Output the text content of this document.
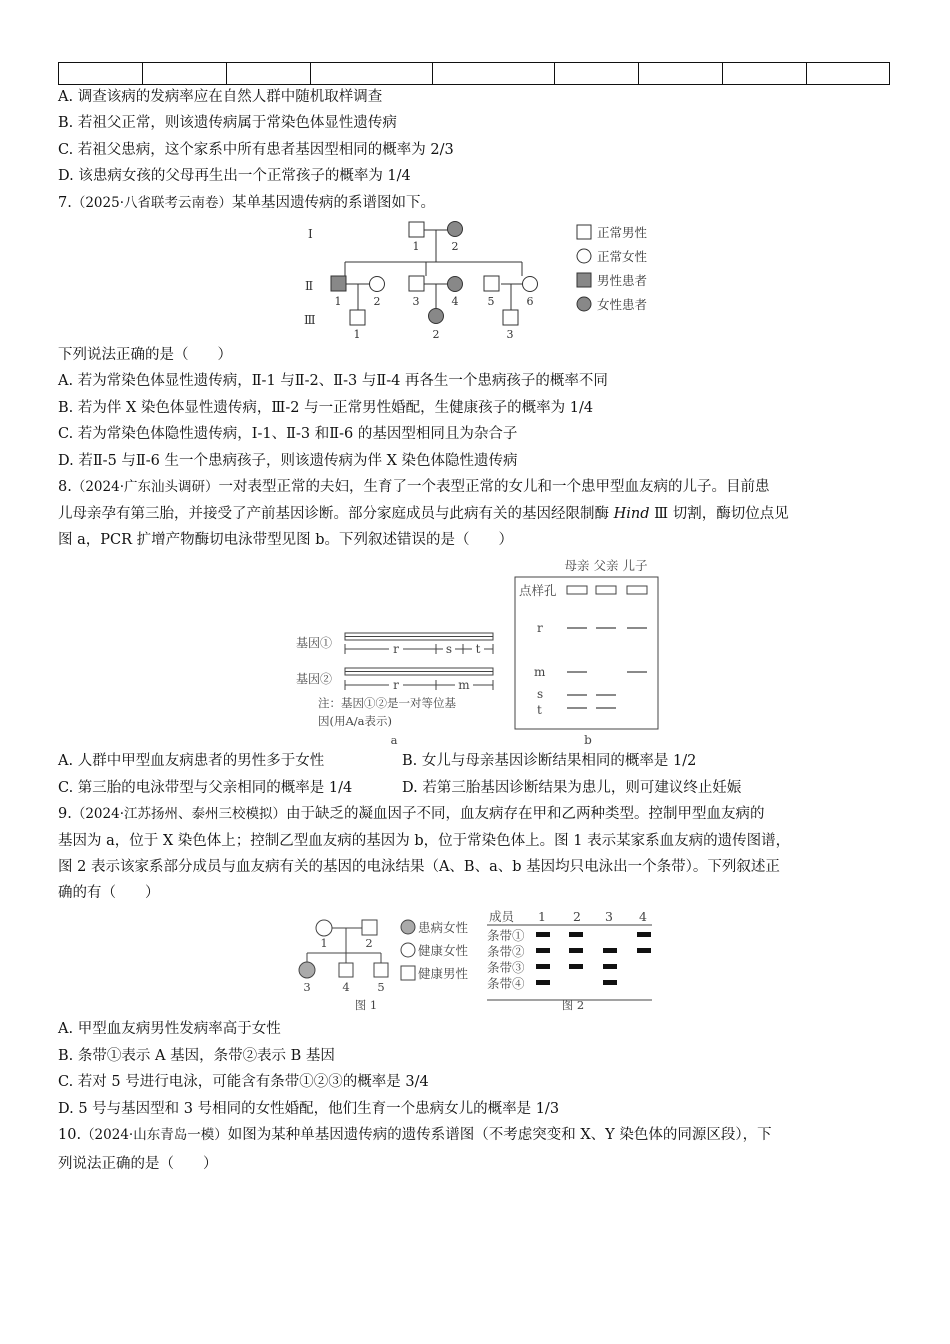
A. 调查该病的发病率应在自然人群中随机取样调查
B. 若祖父正常，则该遗传病属于常染色体显性遗传病
C. 若祖父患病，这个家系中所有患者基因型相同的概率为 2/3
D. 该患病女孩的父母再生出一个正常孩子的概率为 1/4
7.（2025·八省联考云南卷）某单基因遗传病的系谱图如下。
Ⅰ
Ⅱ
Ⅲ
1	2
1	2	3	4	5	6
1	2	3
正常男性
正常女性
男性患者
女性患者
下列说法正确的是（　　）
A. 若为常染色体显性遗传病，Ⅱ-1 与Ⅱ-2、Ⅱ-3 与Ⅱ-4 再各生一个患病孩子的概率不同
B. 若为伴 X 染色体显性遗传病，Ⅲ-2 与一正常男性婚配，生健康孩子的概率为 1/4
C. 若为常染色体隐性遗传病，Ⅰ-1、Ⅱ-3 和Ⅱ-6 的基因型相同且为杂合子
D. 若Ⅱ-5 与Ⅱ-6 生一个患病孩子，则该遗传病为伴 X 染色体隐性遗传病
8.（2024·广东汕头调研）一对表型正常的夫妇，生育了一个表型正常的女儿和一个患甲型血友病的儿子。目前患
儿母亲孕有第三胎，并接受了产前基因诊断。部分家庭成员与此病有关的基因经限制酶 Hind Ⅲ 切割，酶切位点见
图 a，PCR 扩增产物酶切电泳带型见图 b。下列叙述错误的是（　　）
基因①
基因②
r	s t
r	m
注：基因①②是一对等位基
因(用A/a表示)
a
母亲 父亲 儿子
点样孔
r
m
s
t
b
A. 人群中甲型血友病患者的男性多于女性	B. 女儿与母亲基因诊断结果相同的概率是 1/2
C. 第三胎的电泳带型与父亲相同的概率是 1/4	D. 若第三胎基因诊断结果为患儿，则可建议终止妊娠
9.（2024·江苏扬州、泰州三校模拟）由于缺乏的凝血因子不同，血友病存在甲和乙两种类型。控制甲型血友病的
基因为 a，位于 X 染色体上；控制乙型血友病的基因为 b，位于常染色体上。图 1 表示某家系血友病的遗传图谱，
图 2 表示该家系部分成员与血友病有关的基因的电泳结果（A、B、a、b 基因均只电泳出一个条带）。下列叙述正
确的有（　　）
1	2
3	4 5
图 1
患病女性
健康女性
健康男性
成员 1 2 3 4
条带①
条带②
条带③
条带④
图 2
A. 甲型血友病男性发病率高于女性
B. 条带①表示 A 基因，条带②表示 B 基因
C. 若对 5 号进行电泳，可能含有条带①②③的概率是 3/4
D. 5 号与基因型和 3 号相同的女性婚配，他们生育一个患病女儿的概率是 1/3
10.（2024·山东青岛一模）如图为某种单基因遗传病的遗传系谱图（不考虑突变和 X、Y 染色体的同源区段），下
列说法正确的是（　　）
